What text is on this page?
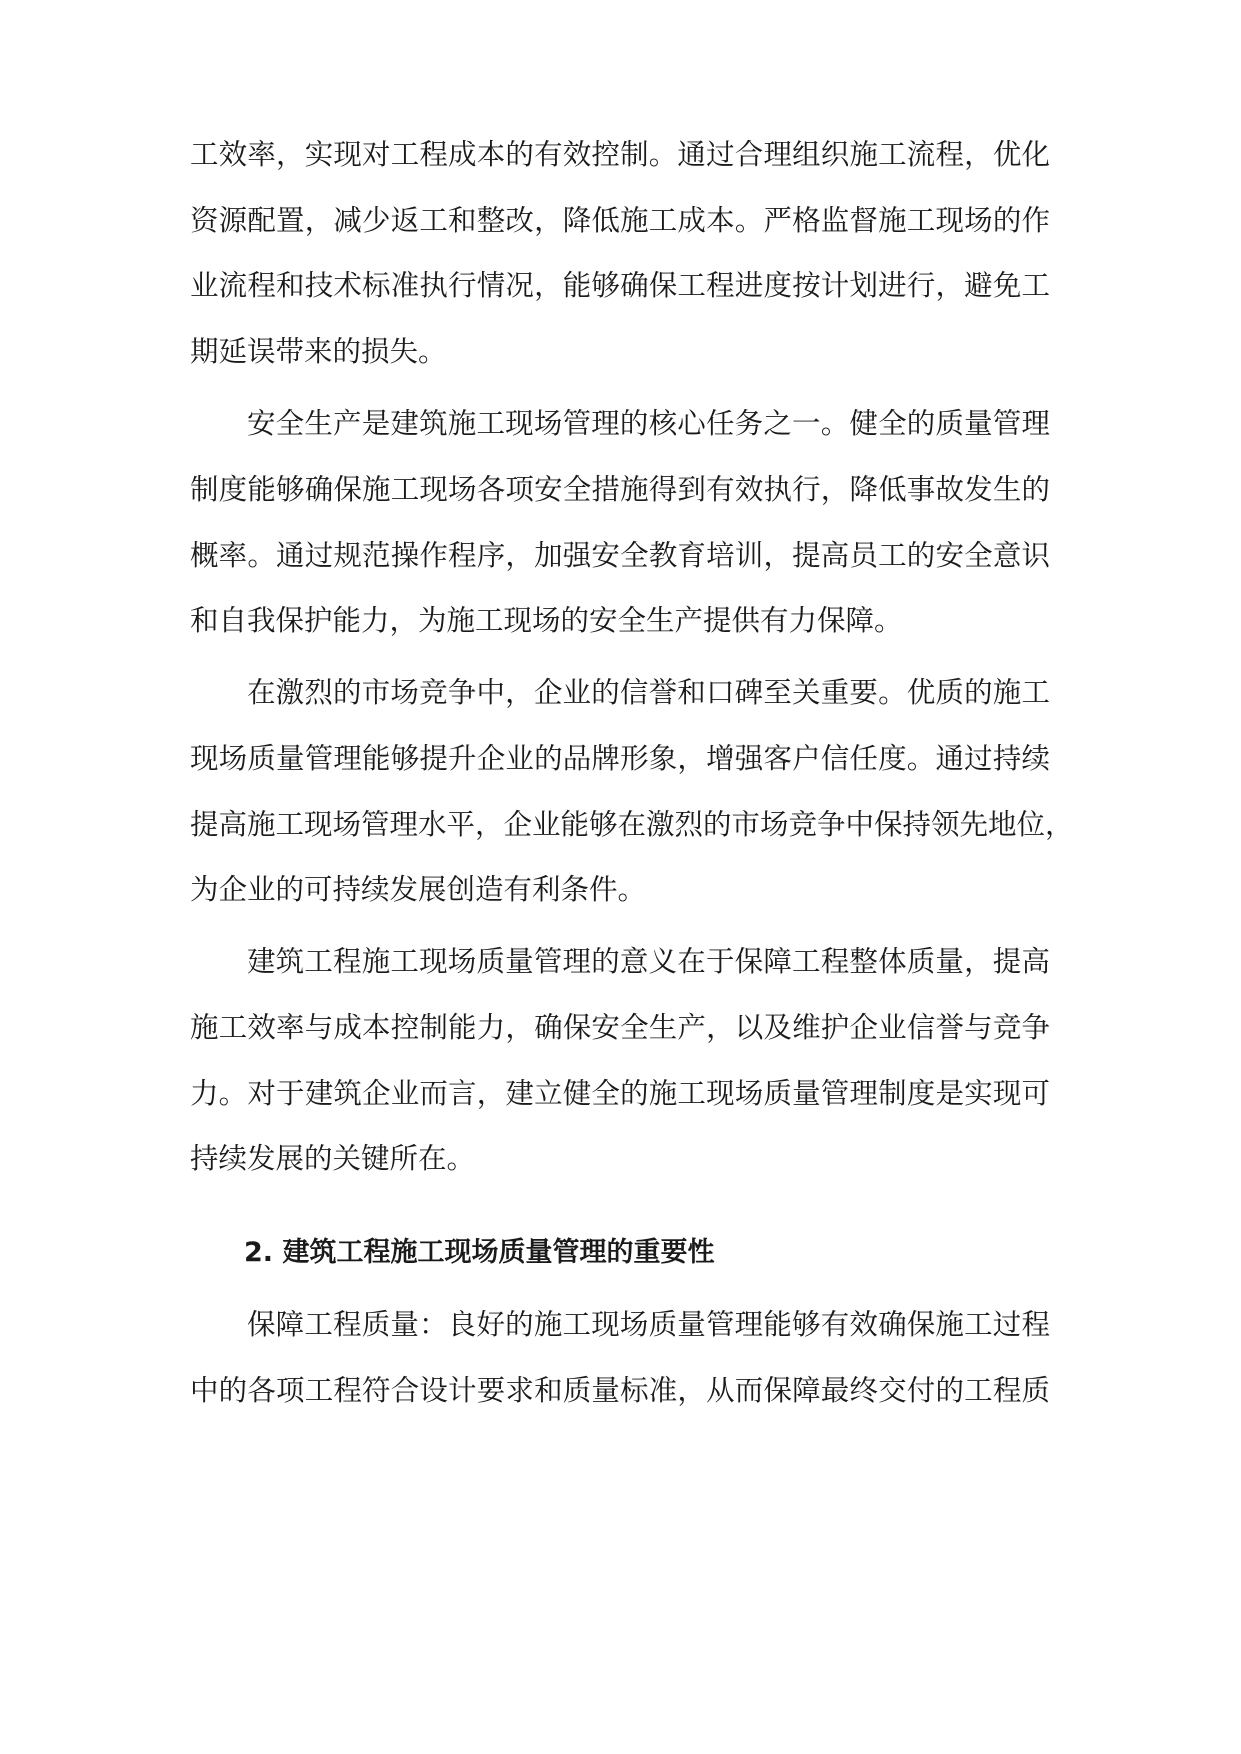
工效率，实现对工程成本的有效控制。通过合理组织施工流程，优化
资源配置，减少返工和整改，降低施工成本。严格监督施工现场的作
业流程和技术标准执行情况，能够确保工程进度按计划进行，避免工
期延误带来的损失。
安全生产是建筑施工现场管理的核心任务之一。健全的质量管理
制度能够确保施工现场各项安全措施得到有效执行，降低事故发生的
概率。通过规范操作程序，加强安全教育培训，提高员工的安全意识
和自我保护能力，为施工现场的安全生产提供有力保障。
在激烈的市场竞争中，企业的信誉和口碑至关重要。优质的施工
现场质量管理能够提升企业的品牌形象，增强客户信任度。通过持续
提高施工现场管理水平，企业能够在激烈的市场竞争中保持领先地位，
为企业的可持续发展创造有利条件。
建筑工程施工现场质量管理的意义在于保障工程整体质量，提高
施工效率与成本控制能力，确保安全生产，以及维护企业信誉与竞争
力。对于建筑企业而言，建立健全的施工现场质量管理制度是实现可
持续发展的关键所在。
2. 建筑工程施工现场质量管理的重要性
保障工程质量：良好的施工现场质量管理能够有效确保施工过程
中的各项工程符合设计要求和质量标准，从而保障最终交付的工程质
